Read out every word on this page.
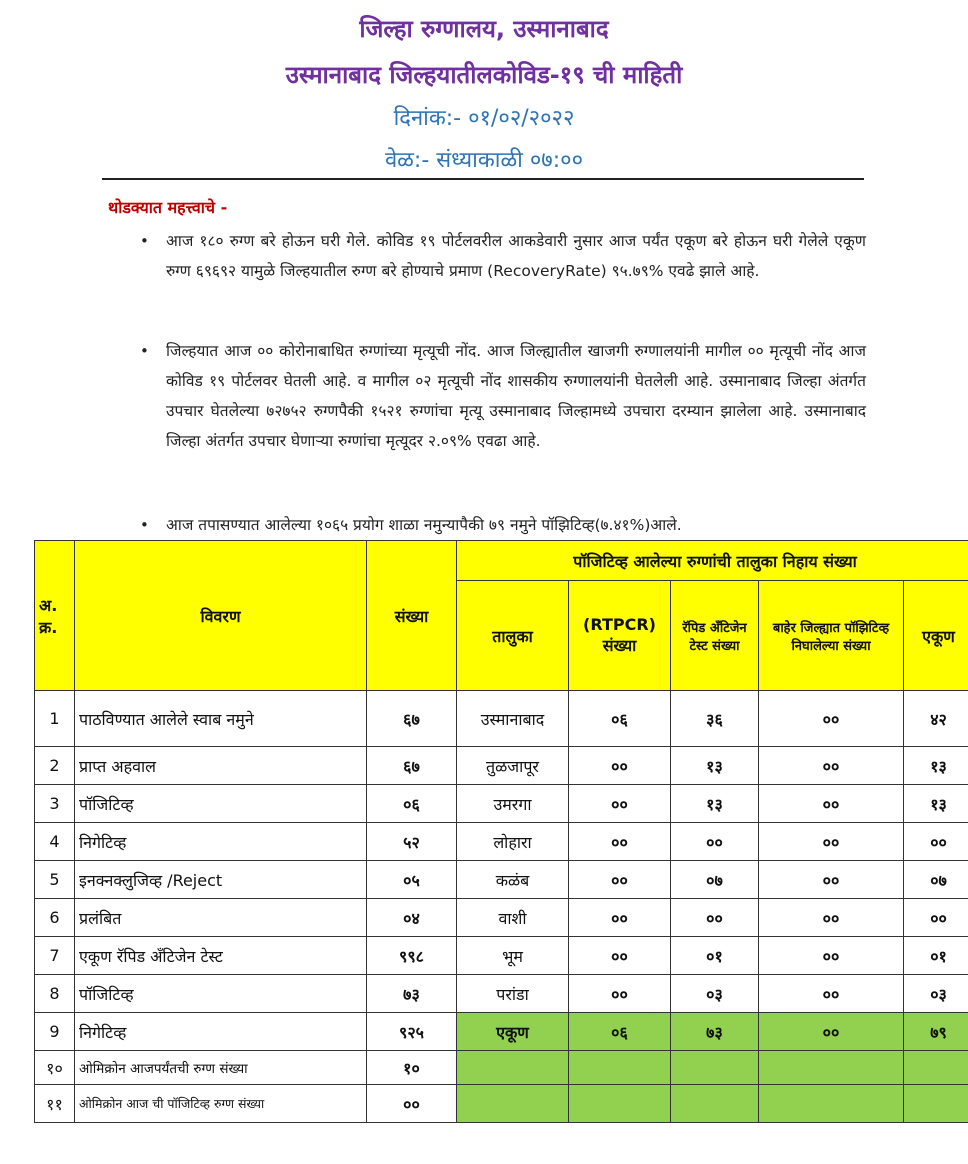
जिल्हा रुग्णालय, उस्मानाबाद
उस्मानाबाद जिल्हयातीलकोविड-१९ ची माहिती
दिनांक:- ०१/०२/२०२२
वेळ:- संध्याकाळी ०७:००
थोडक्यात महत्त्वाचे -
•	आज १८० रुग्ण बरे होऊन घरी गेले. कोविड १९ पोर्टलवरील आकडेवारी नुसार आज पर्यंत एकूण बरे होऊन घरी गेलेले एकूण रुग्ण ६९६९२ यामुळे जिल्हयातील रुग्ण बरे होण्याचे प्रमाण (RecoveryRate) ९५.७९% एवढे झाले आहे.
•	जिल्हयात आज ०० कोरोनाबाधित रुग्णांच्या मृत्यूची नोंद. आज जिल्ह्यातील खाजगी रुग्णालयांनी मागील ०० मृत्यूची नोंद आज कोविड १९ पोर्टलवर घेतली आहे. व मागील ०२ मृत्यूची नोंद शासकीय रुग्णालयांनी घेतलेली आहे. उस्मानाबाद जिल्हा अंतर्गत उपचार घेतलेल्या ७२७५२ रुग्णपैकी १५२१ रुग्णांचा मृत्यू उस्मानाबाद जिल्हामध्ये उपचारा दरम्यान झालेला आहे. उस्मानाबाद जिल्हा अंतर्गत उपचार घेणाऱ्या रुग्णांचा मृत्यूदर २.०९% एवढा आहे.
•	आज तपासण्यात आलेल्या १०६५ प्रयोग शाळा नमुन्यापैकी ७९ नमुने पॉझिटिव्ह(७.४१%)आले.
अ. क्र.	विवरण	संख्या	पॉजिटिव्ह आलेल्या रुग्णांची तालुका निहाय संख्या				
			तालुका	(RTPCR) संख्या	रॅपिड अँटिजेन टेस्ट संख्या	बाहेर जिल्ह्यात पॉझिटिव्ह निघालेल्या संख्या	एकूण
1	पाठविण्यात आलेले स्वाब नमुने	६७	उस्मानाबाद	०६	३६	००	४२
2	प्राप्त अहवाल	६७	तुळजापूर	००	१३	००	१३
3	पॉजिटिव्ह	०६	उमरगा	००	१३	००	१३
4	निगेटिव्ह	५२	लोहारा	००	००	००	००
5	इनक्नक्लुजिव्ह /Reject	०५	कळंब	००	०७	००	०७
6	प्रलंबित	०४	वाशी	००	००	००	००
7	एकूण रॅपिड अँटिजेन टेस्ट	९९८	भूम	००	०१	००	०१
8	पॉजिटिव्ह	७३	परांडा	००	०३	००	०३
9	निगेटिव्ह	९२५	एकूण	०६	७३	००	७९
१०	ओमिक्रोन आजपर्यंतची रुग्ण संख्या	१०					
११	ओमिक्रोन आज ची पॉजिटिव्ह रुग्ण संख्या	००					
